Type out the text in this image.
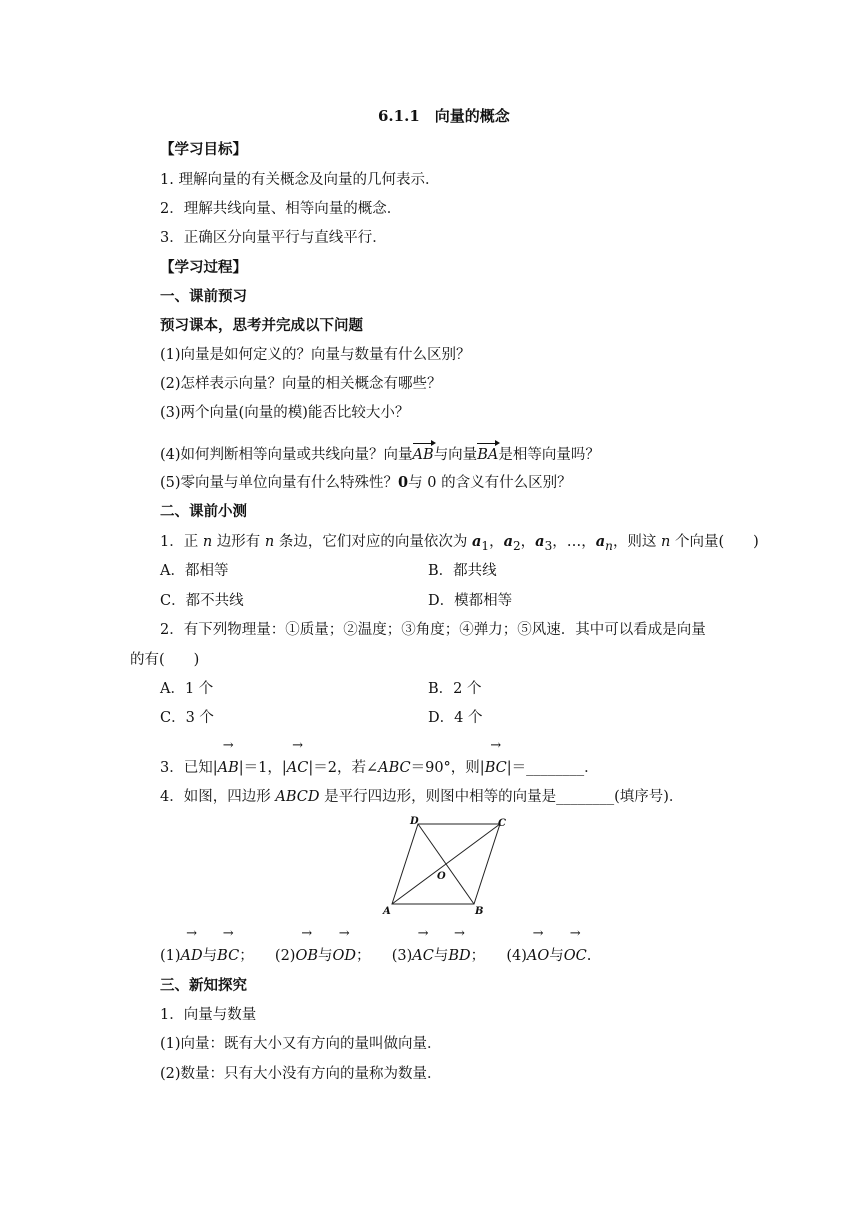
6.1.1　向量的概念
【学习目标】
1. 理解向量的有关概念及向量的几何表示．
2．理解共线向量、相等向量的概念．
3．正确区分向量平行与直线平行．
【学习过程】
一、课前预习
预习课本，思考并完成以下问题
(1)向量是如何定义的？向量与数量有什么区别？
(2)怎样表示向量？向量的相关概念有哪些？
(3)两个向量(向量的模)能否比较大小？
(4)如何判断相等向量或共线向量？向量AB与向量BA是相等向量吗？
(5)零向量与单位向量有什么特殊性？0与 0 的含义有什么区别？
二、课前小测
1．正 n 边形有 n 条边，它们对应的向量依次为 $a_1$，$a_2$，$a_3$，…，$a_n$，则这 n 个向量(　　)
A．都相等	B．都共线
C．都不共线	D．模都相等
2．有下列物理量：①质量；②温度；③角度；④弹力；⑤风速．其中可以看成是向量
的有(　　)
A．1 个	B．2 个
C．3 个	D．4 个
3．已知|
→
AB|＝1，|
→
AC|＝2，若∠ABC＝90°，则|
→
BC|＝________．
4．如图，四边形 ABCD 是平行四边形，则图中相等的向量是________(填序号)．
A	B
C
D
O
(1)
→
AD与
→
BC； (2)
→
OB与
→
OD； (3)
→
AC与
→
BD； (4)
→
AO与
→
OC.
三、新知探究
1．向量与数量
(1)向量：既有大小又有方向的量叫做向量．
(2)数量：只有大小没有方向的量称为数量．
